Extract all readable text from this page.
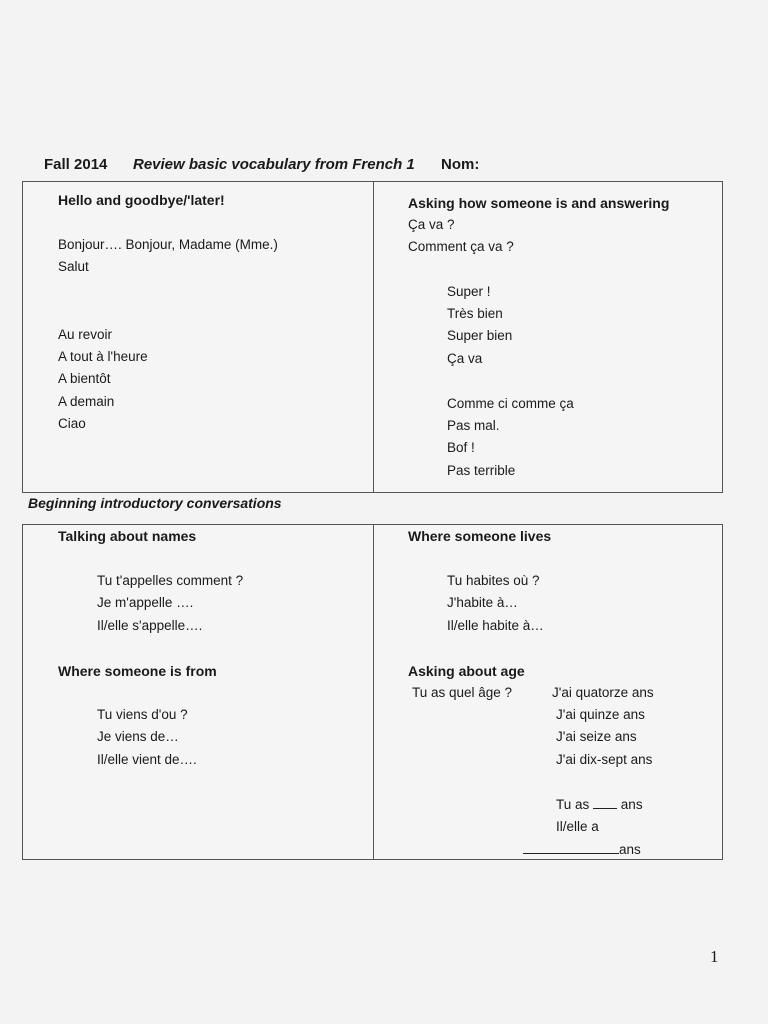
Fall 2014 Review basic vocabulary from French 1 Nom:
Hello and goodbye/'later!
Bonjour…. Bonjour, Madame (Mme.)
Salut
Au revoir
A tout à l'heure
A bientôt
A demain
Ciao
Asking how someone is and answering
Ça va ?
Comment ça va ?
Super !
Très bien
Super bien
Ça va
Comme ci comme ça
Pas mal.
Bof !
Pas terrible
Beginning introductory conversations
Talking about names
Tu t'appelles comment ?
Je m'appelle ….
Il/elle s'appelle….
Where someone is from
Tu viens d'ou ?
Je viens de…
Il/elle vient de….
Where someone lives
Tu habites où ?
J'habite à…
Il/elle habite à…
Asking about age
Tu as quel âge ?	J'ai quatorze ans
J'ai quinze ans
J'ai seize ans
J'ai dix-sept ans
Tu as ans
Il/elle a
ans
1
